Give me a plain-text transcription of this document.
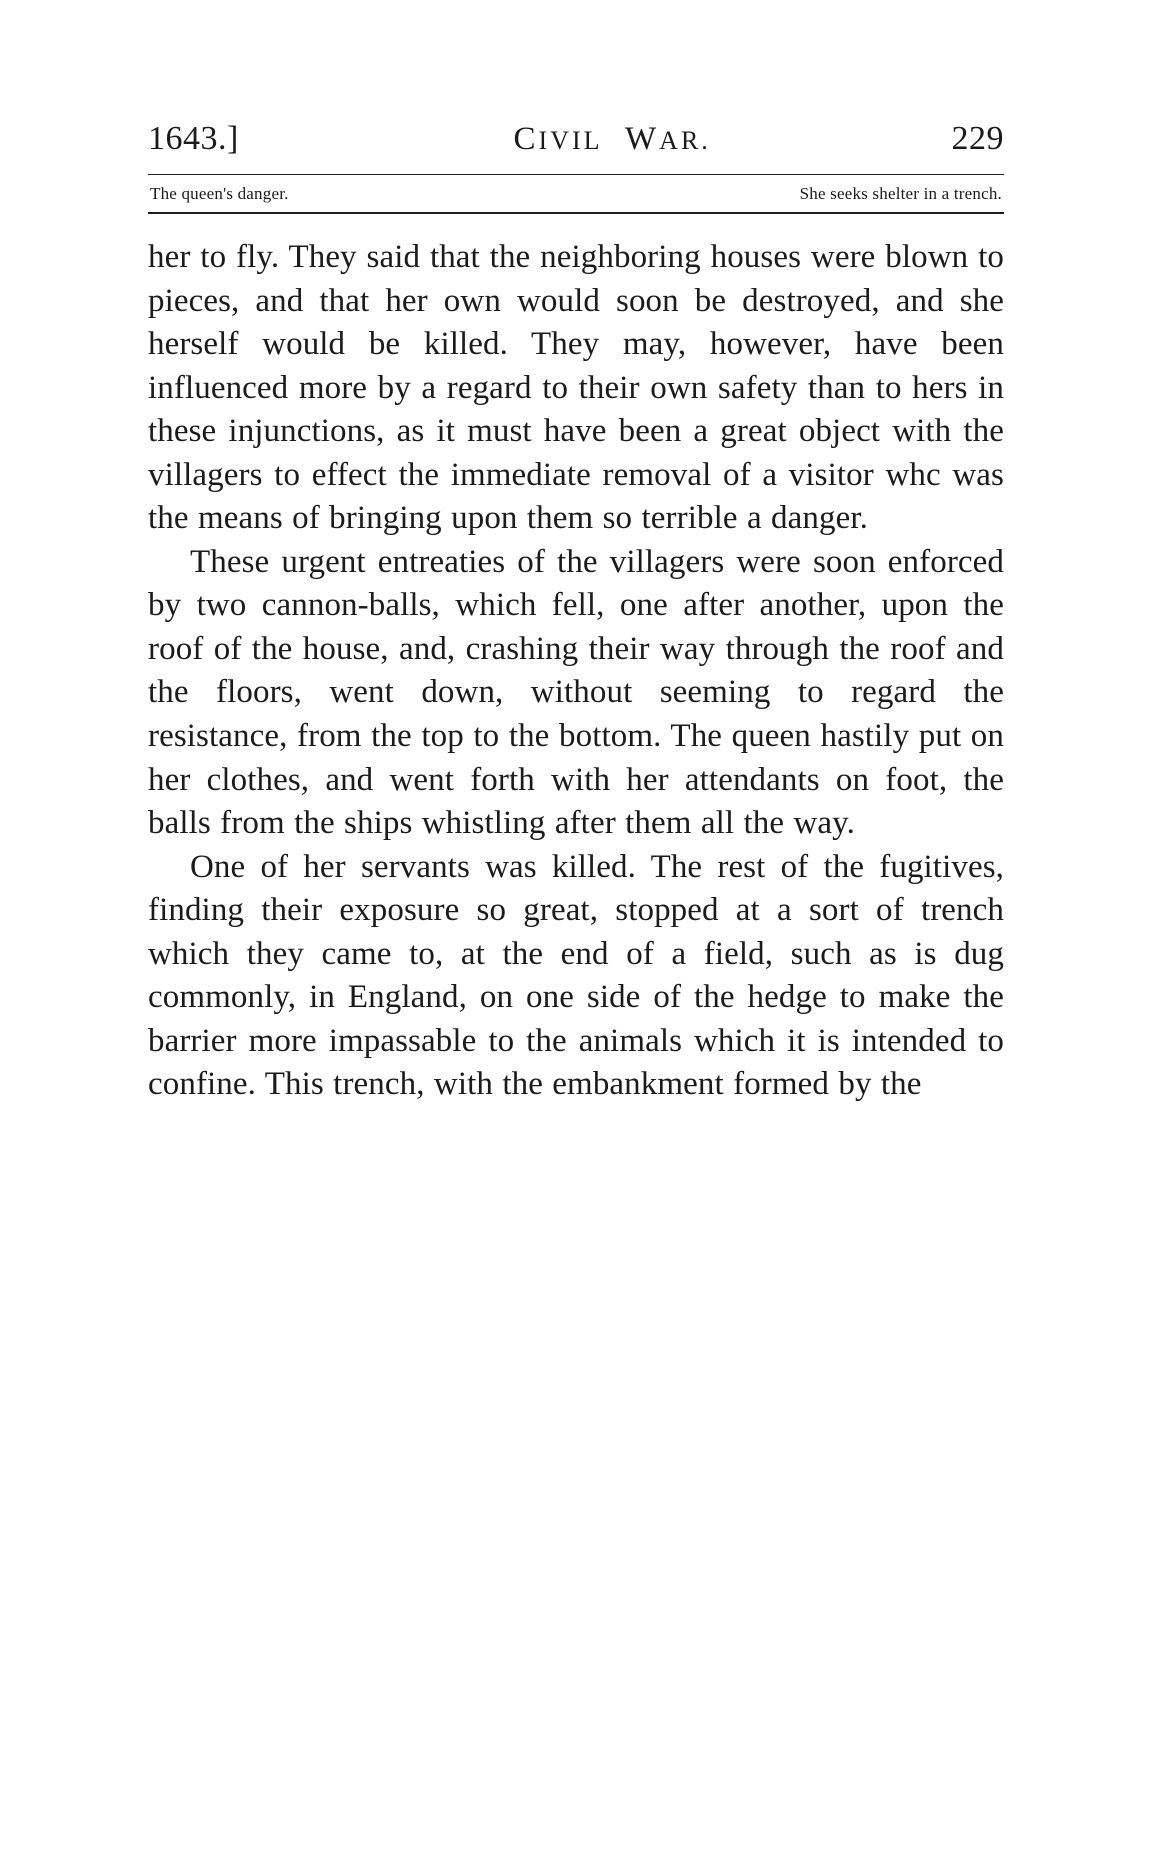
1643.]	CIVIL WAR.	229
The queen's danger.	She seeks shelter in a trench.

her to fly. They said that the neighboring houses were blown to pieces, and that her own would soon be destroyed, and she herself would be killed. They may, however, have been influenced more by a regard to their own safety than to hers in these injunctions, as it must have been a great object with the villagers to effect the immediate removal of a visitor whc was the means of bringing upon them so terrible a danger.

These urgent entreaties of the villagers were soon enforced by two cannon-balls, which fell, one after another, upon the roof of the house, and, crashing their way through the roof and the floors, went down, without seeming to regard the resistance, from the top to the bottom. The queen hastily put on her clothes, and went forth with her attendants on foot, the balls from the ships whistling after them all the way.

One of her servants was killed. The rest of the fugitives, finding their exposure so great, stopped at a sort of trench which they came to, at the end of a field, such as is dug commonly, in England, on one side of the hedge to make the barrier more impassable to the animals which it is intended to confine. This trench, with the embankment formed by the
